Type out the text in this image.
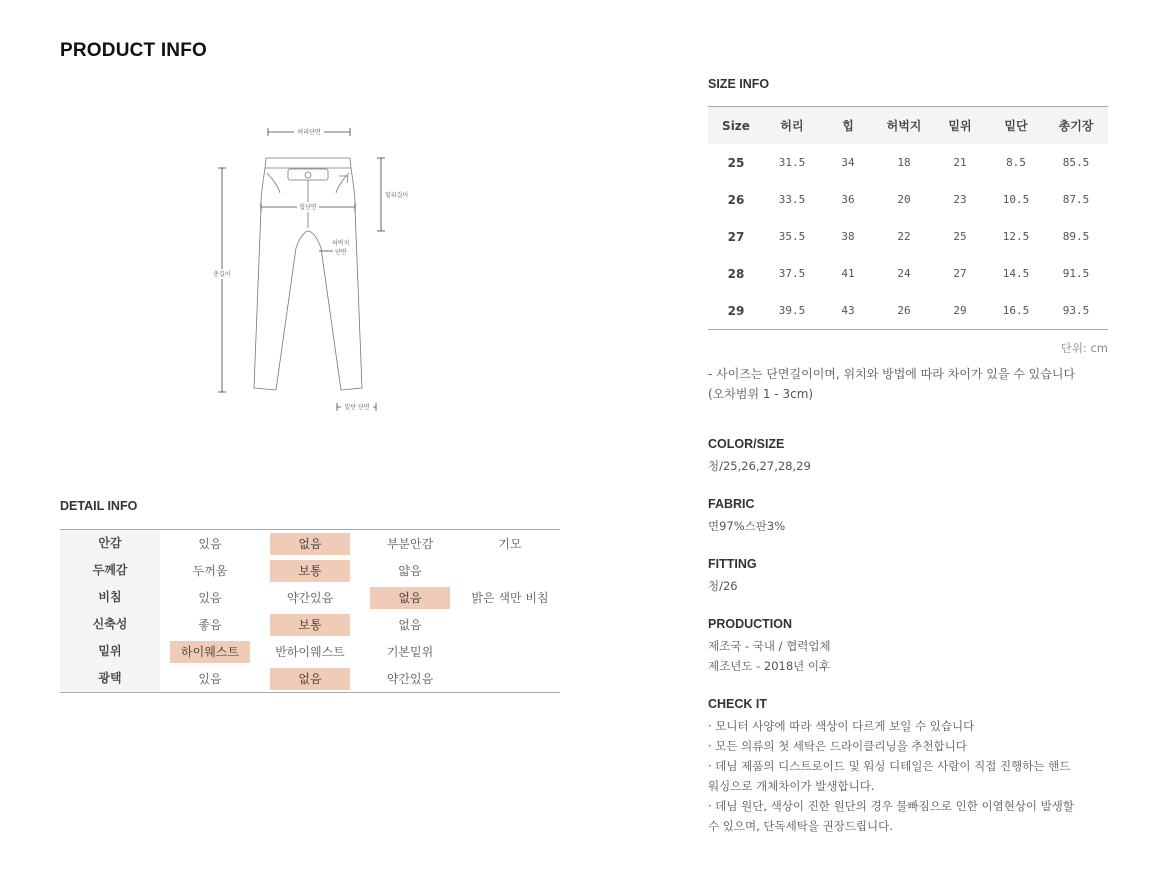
PRODUCT INFO
허리단면
밑위길이
힙단면
허벅지
단면
총길이
밑단 단면
DETAIL INFO
안감	있음	없음	부분안감	기모
두께감	두꺼움	보통	얇음
비침	있음	약간있음	없음	밝은 색만 비침
신축성	좋음	보통	없음
밑위	하이웨스트	반하이웨스트	기본밑위
광택	있음	없음	약간있음
SIZE INFO
Size	허리	힙	허벅지	밑위	밑단	총기장
25	31.5	34	18	21	8.5	85.5
26	33.5	36	20	23	10.5	87.5
27	35.5	38	22	25	12.5	89.5
28	37.5	41	24	27	14.5	91.5
29	39.5	43	26	29	16.5	93.5
단위: cm
- 사이즈는 단면길이이며, 위치와 방법에 따라 차이가 있을 수 있습니다
(오차범위 1 - 3cm)
COLOR/SIZE
청/25,26,27,28,29
FABRIC
면97%스판3%
FITTING
청/26
PRODUCTION
제조국 - 국내 / 협력업체
제조년도 - 2018년 이후
CHECK IT
· 모니터 사양에 따라 색상이 다르게 보일 수 있습니다
· 모든 의류의 첫 세탁은 드라이클리닝을 추천합니다
· 데님 제품의 디스트로이드 및 워싱 디테일은 사람이 직접 진행하는 핸드
워싱으로 개체차이가 발생합니다.
· 데님 원단, 색상이 진한 원단의 경우 물빠짐으로 인한 이염현상이 발생할
수 있으며, 단독세탁을 권장드립니다.
